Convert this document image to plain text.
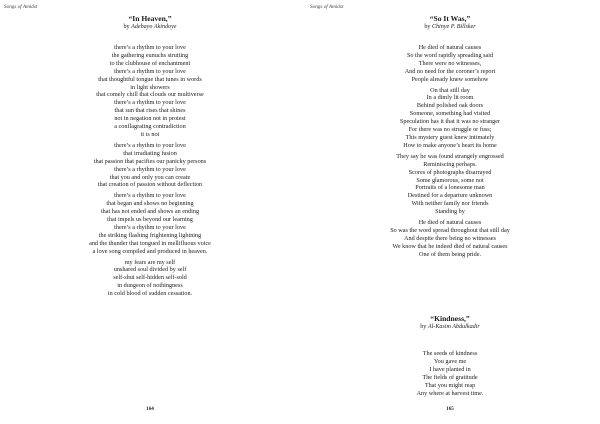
Songs of Amidst
“In Heaven,”
by Adebayo Akindoye
there’s a rhythm to your love
the gathering eunuchs strutting
to the clubhouse of enchantment
there’s a rhythm to your love
that thoughtful tongue that tunes in words
in light showers
that comely chill that clouds our multiverse
there’s a rhythm to your love
that sun that rises that shines
not in negation not in protest
a conflagrating contradiction
it is not
there’s a rhythm to your love
that irradiating fusion
that passion that pacifies our panicky persons
there’s a rhythm to your love
that you and only you can create
that creation of passion without deflection
there’s a rhythm to your love
that began and shows no beginning
that has not ended and shows an ending
that impels us beyond our learning
there’s a rhythm to your love
the striking flashing frightening lightning
and the thunder that tongued in mellifluous voice
a love song compiled and produced in heaven.
my fears are my self
unshared soul divided by self
self-shut self-hidden self-sold
in dungeon of nothingness
in cold blood of sudden cessation.
164
Songs of Amidst
“So It Was,”
by Chinye P. Billsker
He died of natural causes
So the word rapidly spreading said
There were no witnesses,
And no need for the coroner’s report
People already knew somehow
On that still day
In a dimly lit room
Behind polished oak doors
Someone, something had visited
Speculation has it that it was no stranger
For there was no struggle or fuss;
This mystery guest knew intimately
How to make anyone’s heart its home
They say he was found strangely engrossed
Reminiscing perhaps.
Scores of photographs disarrayed
Some glamorous, some not
Portraits of a lonesome man
Destined for a departure unknown
With neither family nor friends
Standing by
He died of natural causes
So was the word spread throughout that still day
And despite there being no witnesses
We know that he indeed died of natural causes
One of them being pride.
“Kindness,”
by Al-Kasim Abdulkadir
The seeds of kindness
You gave me
I have planted in
The fields of gratitude
That you might reap
Any where at harvest time.
165
